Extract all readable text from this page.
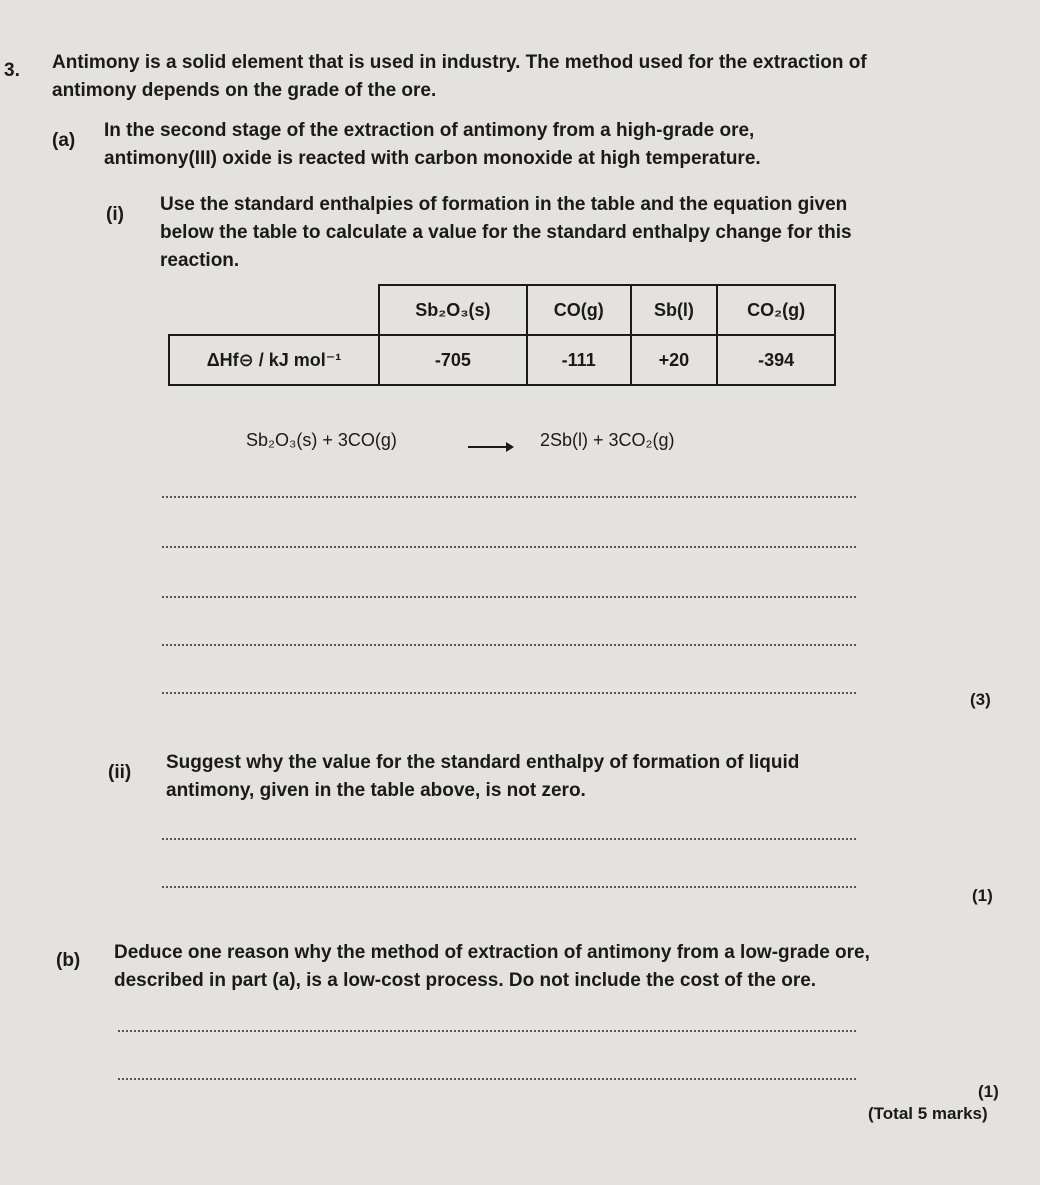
3. Antimony is a solid element that is used in industry. The method used for the extraction of
antimony depends on the grade of the ore.
(a) In the second stage of the extraction of antimony from a high-grade ore,
antimony(III) oxide is reacted with carbon monoxide at high temperature.
(i) Use the standard enthalpies of formation in the table and the equation given
below the table to calculate a value for the standard enthalpy change for this
reaction.
	Sb₂O₃(s)	CO(g)	Sb(l)	CO₂(g)
ΔHf⊖ / kJ mol⁻¹	-705	-111	+20	-394
Sb₂O₃(s) + 3CO(g)	2Sb(l) + 3CO₂(g)
(3)
(ii) Suggest why the value for the standard enthalpy of formation of liquid
antimony, given in the table above, is not zero.
(1)
(b) Deduce one reason why the method of extraction of antimony from a low-grade ore,
described in part (a), is a low-cost process. Do not include the cost of the ore.
(1)
(Total 5 marks)
